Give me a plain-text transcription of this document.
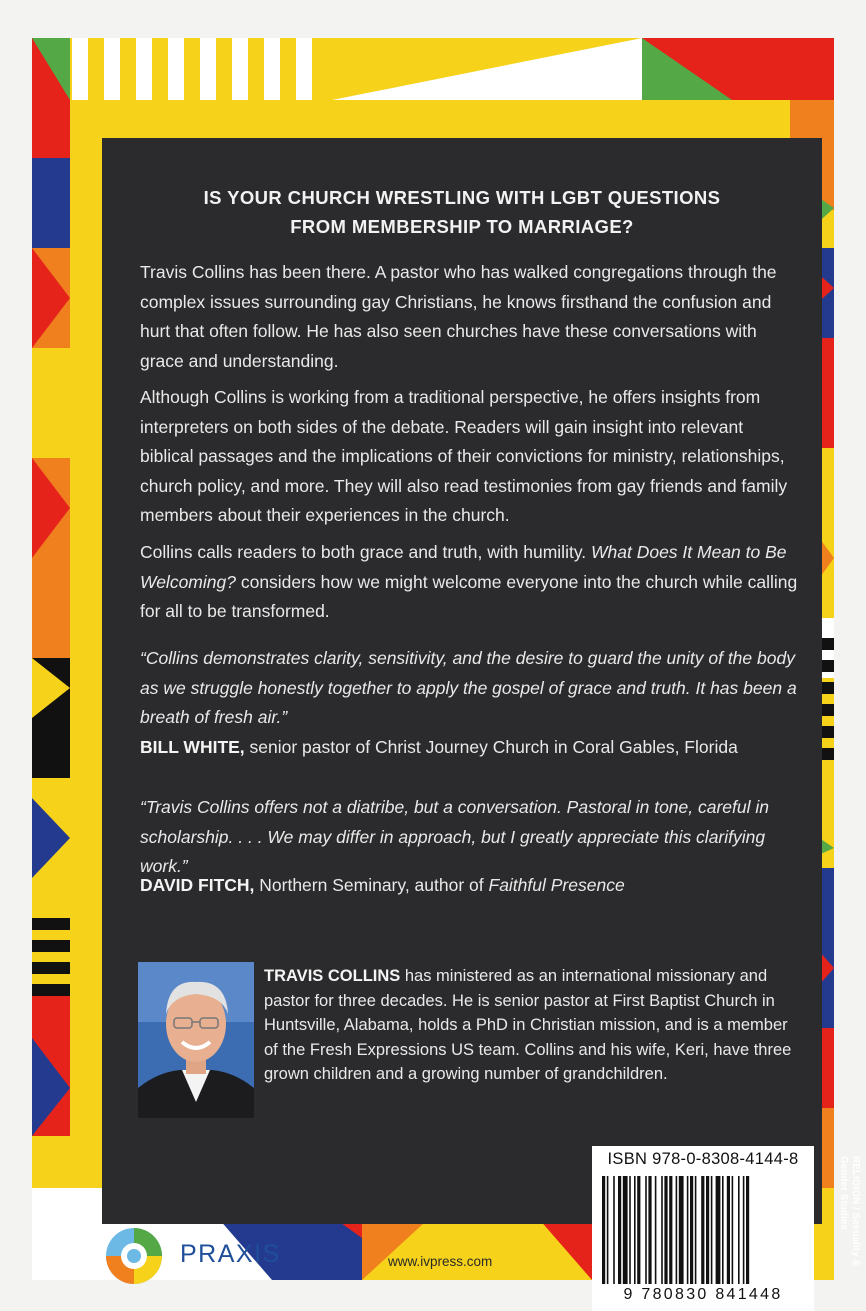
IS YOUR CHURCH WRESTLING WITH LGBT QUESTIONS
FROM MEMBERSHIP TO MARRIAGE?

Travis Collins has been there. A pastor who has walked congregations through the complex issues surrounding gay Christians, he knows firsthand the confusion and hurt that often follow. He has also seen churches have these conversations with grace and understanding.

Although Collins is working from a traditional perspective, he offers insights from interpreters on both sides of the debate. Readers will gain insight into relevant biblical passages and the implications of their convictions for ministry, relationships, church policy, and more. They will also read testimonies from gay friends and family members about their experiences in the church.

Collins calls readers to both grace and truth, with humility. What Does It Mean to Be Welcoming? considers how we might welcome everyone into the church while calling for all to be transformed.

“Collins demonstrates clarity, sensitivity, and the desire to guard the unity of the body as we struggle honestly together to apply the gospel of grace and truth. It has been a breath of fresh air.”

BILL WHITE, senior pastor of Christ Journey Church in Coral Gables, Florida

“Travis Collins offers not a diatribe, but a conversation. Pastoral in tone, careful in scholarship. . . . We may differ in approach, but I greatly appreciate this clarifying work.”

DAVID FITCH, Northern Seminary, author of Faithful Presence

TRAVIS COLLINS has ministered as an international missionary and pastor for three decades. He is senior pastor at First Baptist Church in Huntsville, Alabama, holds a PhD in Christian mission, and is a member of the Fresh Expressions US team. Collins and his wife, Keri, have three grown children and a growing number of grandchildren.

IVP PRAXIS	www.ivpress.com
ISBN 978-0-8308-4144-8
9 780830 841448
RELIGION / Sexuality & Gender Studies
